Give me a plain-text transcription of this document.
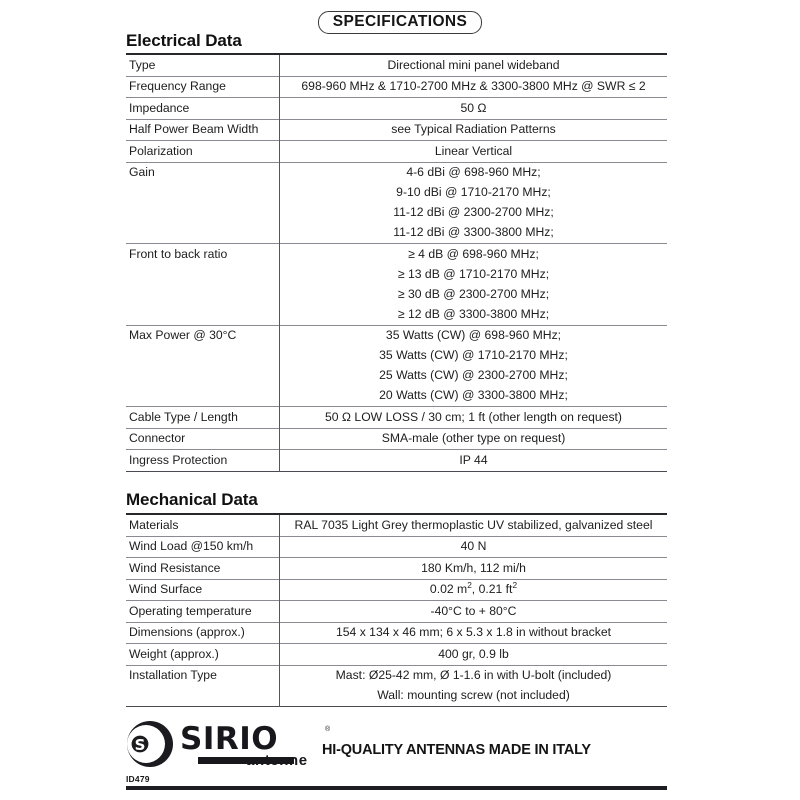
SPECIFICATIONS
Electrical Data
Type	Directional mini panel wideband

Frequency Range	698-960 MHz & 1710-2700 MHz & 3300-3800 MHz @ SWR ≤ 2

Impedance	50 Ω

Half Power Beam Width	see Typical Radiation Patterns

Polarization	Linear Vertical

Gain	4-6 dBi @ 698-960 MHz;
9-10 dBi @ 1710-2170 MHz;
11-12 dBi @ 2300-2700 MHz;
11-12 dBi @ 3300-3800 MHz;

Front to back ratio	≥ 4 dB @ 698-960 MHz;
≥ 13 dB @ 1710-2170 MHz;
≥ 30 dB @ 2300-2700 MHz;
≥ 12 dB @ 3300-3800 MHz;

Max Power @ 30°C	35 Watts (CW) @ 698-960 MHz;
35 Watts (CW) @ 1710-2170 MHz;
25 Watts (CW) @ 2300-2700 MHz;
20 Watts (CW) @ 3300-3800 MHz;

Cable Type / Length	50 Ω LOW LOSS / 30 cm; 1 ft (other length on request)

Connector	SMA-male (other type on request)

Ingress Protection	IP 44
Mechanical Data
Materials	RAL 7035 Light Grey thermoplastic UV stabilized, galvanized steel

Wind Load @150 km/h	40 N

Wind Resistance	180 Km/h, 112 mi/h

Wind Surface	0.02 $m^2$, 0.21 $ft^2$

Operating temperature	-40°C to + 80°C

Dimensions (approx.)	154 x 134 x 46 mm; 6 x 5.3 x 1.8 in without bracket

Weight (approx.)	400 gr, 0.9 lb

Installation Type	Mast: Ø25-42 mm, Ø 1-1.6 in with U-bolt (included)
Wall: mounting screw (not included)
S SIRIO	®
antenne
HI-QUALITY ANTENNAS MADE IN ITALY
ID479
